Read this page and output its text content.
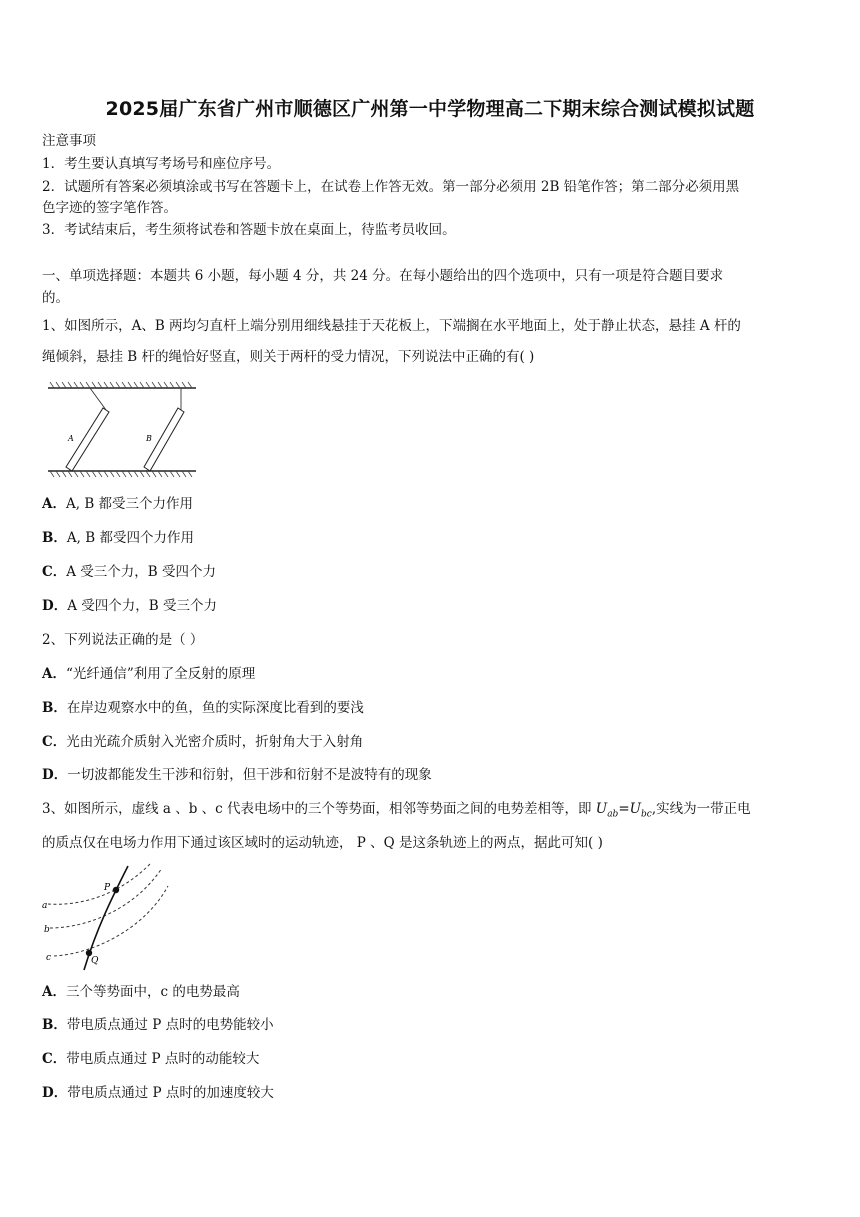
2025届广东省广州市顺德区广州第一中学物理高二下期末综合测试模拟试题
注意事项
1．考生要认真填写考场号和座位序号。
2．试题所有答案必须填涂或书写在答题卡上，在试卷上作答无效。第一部分必须用 2B 铅笔作答；第二部分必须用黑
色字迹的签字笔作答。
3．考试结束后，考生须将试卷和答题卡放在桌面上，待监考员收回。
一、单项选择题：本题共 6 小题，每小题 4 分，共 24 分。在每小题给出的四个选项中，只有一项是符合题目要求
的。
1、如图所示，A、B 两均匀直杆上端分别用细线悬挂于天花板上，下端搁在水平地面上，处于静止状态，悬挂 A 杆的
绳倾斜，悬挂 B 杆的绳恰好竖直，则关于两杆的受力情况，下列说法中正确的有( )
A	B
A．A, B 都受三个力作用
B．A, B 都受四个力作用
C．A 受三个力，B 受四个力
D．A 受四个力，B 受三个力
2、下列说法正确的是（ ）
A．“光纤通信”利用了全反射的原理
B．在岸边观察水中的鱼，鱼的实际深度比看到的要浅
C．光由光疏介质射入光密介质时，折射角大于入射角
D．一切波都能发生干涉和衍射，但干涉和衍射不是波特有的现象
3、如图所示，虚线 a 、b 、c 代表电场中的三个等势面，相邻等势面之间的电势差相等，即 $U_{ab}=U_{bc}$,实线为一带正电
的质点仅在电场力作用下通过该区域时的运动轨迹， P 、Q 是这条轨迹上的两点，据此可知( )
a
b
c
P
Q
A．三个等势面中，c 的电势最高
B．带电质点通过 P 点时的电势能较小
C．带电质点通过 P 点时的动能较大
D．带电质点通过 P 点时的加速度较大
